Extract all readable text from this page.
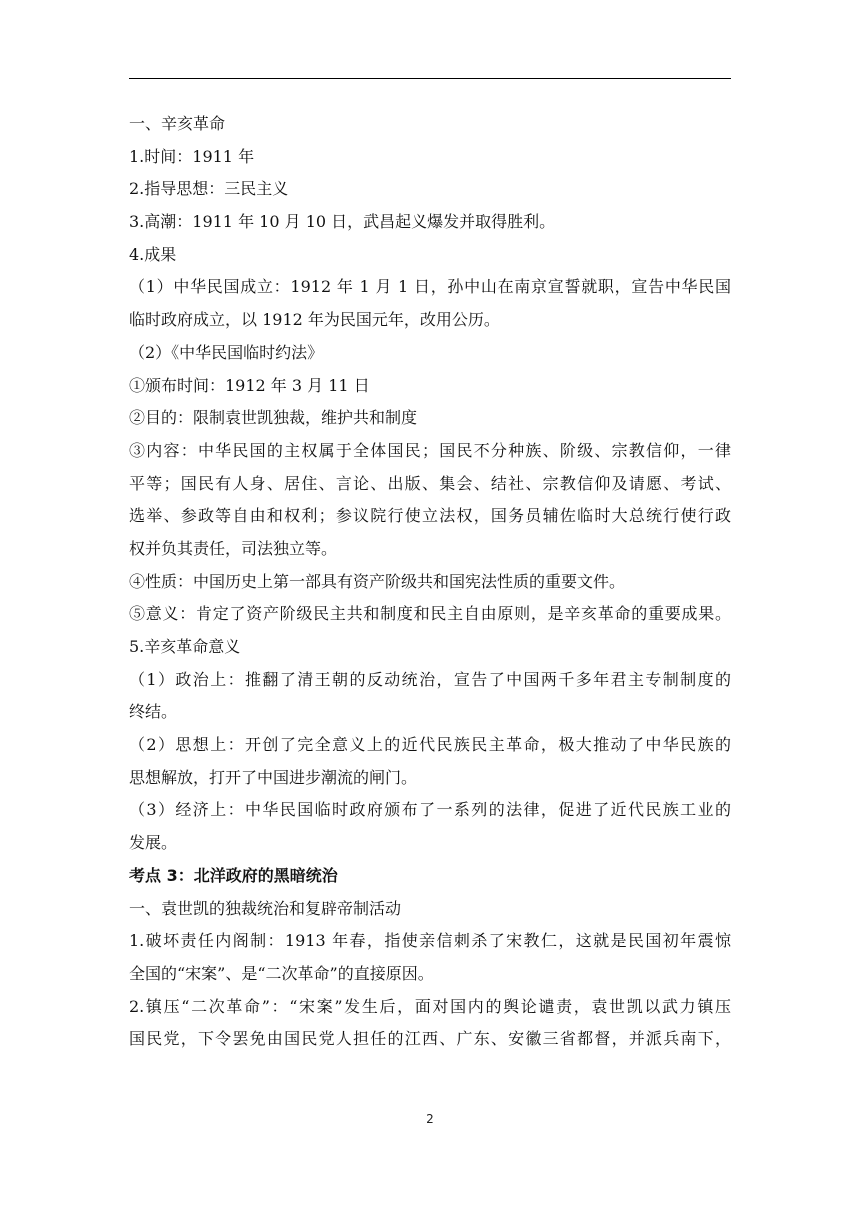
一、辛亥革命
1.时间：1911 年
2.指导思想：三民主义
3.高潮：1911 年 10 月 10 日，武昌起义爆发并取得胜利。
4.成果
（1）中华民国成立：1912 年 1 月 1 日，孙中山在南京宣誓就职，宣告中华民国
临时政府成立，以 1912 年为民国元年，改用公历。
（2）《中华民国临时约法》
①颁布时间：1912 年 3 月 11 日
②目的：限制袁世凯独裁，维护共和制度
③内容：中华民国的主权属于全体国民；国民不分种族、阶级、宗教信仰，一律
平等；国民有人身、居住、言论、出版、集会、结社、宗教信仰及请愿、考试、
选举、参政等自由和权利；参议院行使立法权，国务员辅佐临时大总统行使行政
权并负其责任，司法独立等。
④性质：中国历史上第一部具有资产阶级共和国宪法性质的重要文件。
⑤意义：肯定了资产阶级民主共和制度和民主自由原则，是辛亥革命的重要成果。
5.辛亥革命意义
（1）政治上：推翻了清王朝的反动统治，宣告了中国两千多年君主专制制度的
终结。
（2）思想上：开创了完全意义上的近代民族民主革命，极大推动了中华民族的
思想解放，打开了中国进步潮流的闸门。
（3）经济上：中华民国临时政府颁布了一系列的法律，促进了近代民族工业的
发展。
考点 3：北洋政府的黑暗统治
一、袁世凯的独裁统治和复辟帝制活动
1.破坏责任内阁制：1913 年春，指使亲信刺杀了宋教仁，这就是民国初年震惊
全国的“宋案”、是“二次革命”的直接原因。
2.镇压“二次革命”：“宋案”发生后，面对国内的舆论谴责，袁世凯以武力镇压
国民党，下令罢免由国民党人担任的江西、广东、安徽三省都督，并派兵南下，
2
